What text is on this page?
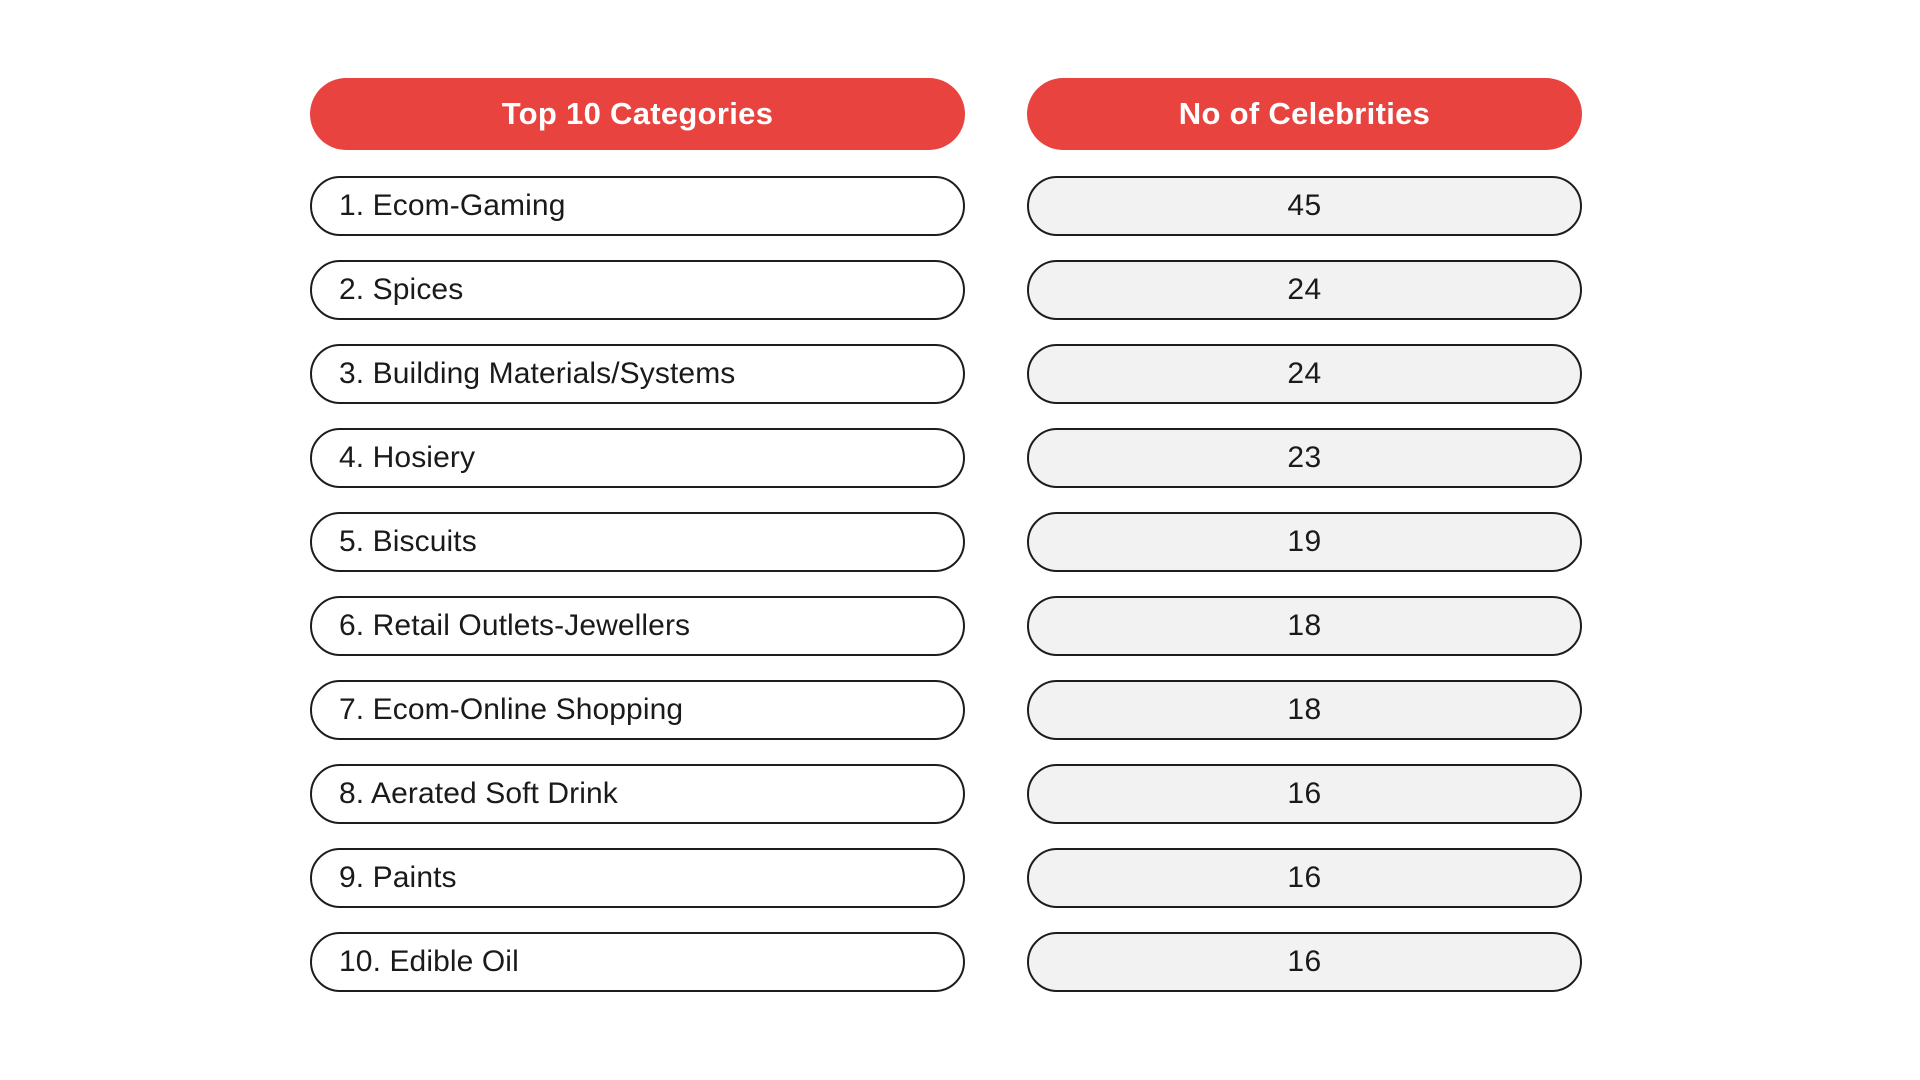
Top 10 Categories
1. Ecom-Gaming
2. Spices
3. Building Materials/Systems
4. Hosiery
5. Biscuits
6. Retail Outlets-Jewellers
7. Ecom-Online Shopping
8. Aerated Soft Drink
9. Paints
10. Edible Oil
No of Celebrities
45
24
24
23
19
18
18
16
16
16
